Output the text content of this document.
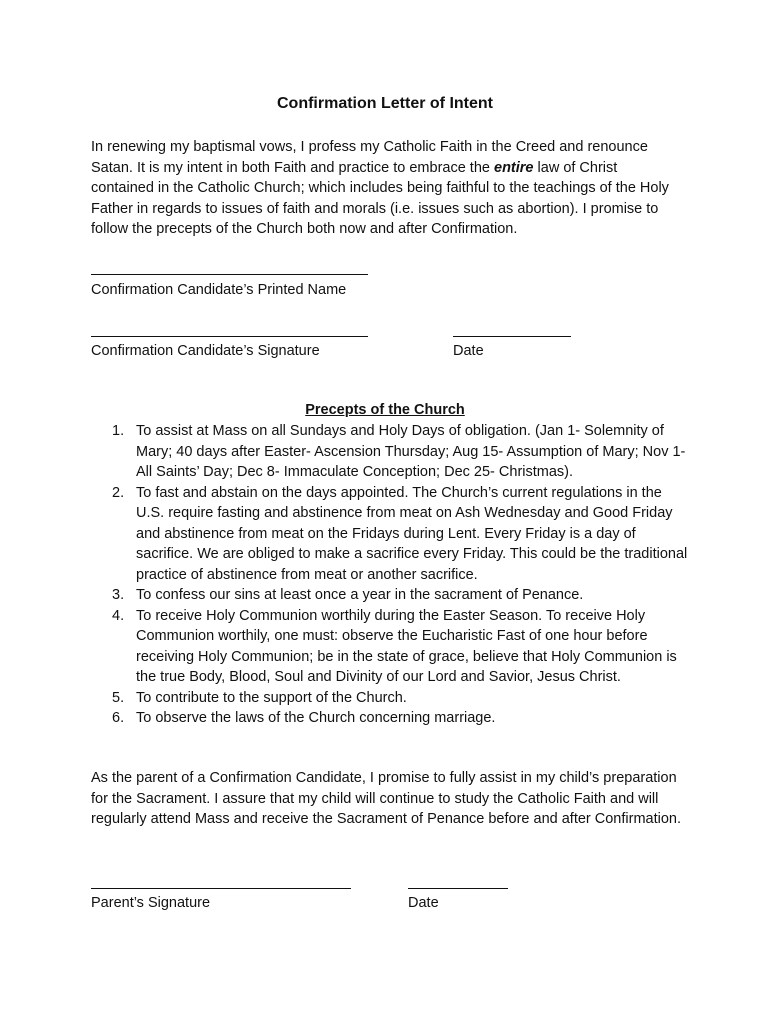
Confirmation Letter of Intent

In renewing my baptismal vows, I profess my Catholic Faith in the Creed and renounce Satan. It is my intent in both Faith and practice to embrace the entire law of Christ contained in the Catholic Church; which includes being faithful to the teachings of the Holy Father in regards to issues of faith and morals (i.e. issues such as abortion). I promise to follow the precepts of the Church both now and after Confirmation.

Confirmation Candidate’s Printed Name

Confirmation Candidate’s Signature	Date

Precepts of the Church

1. To assist at Mass on all Sundays and Holy Days of obligation. (Jan 1- Solemnity of Mary; 40 days after Easter- Ascension Thursday; Aug 15- Assumption of Mary; Nov 1- All Saints’ Day; Dec 8- Immaculate Conception; Dec 25- Christmas).
2. To fast and abstain on the days appointed. The Church’s current regulations in the U.S. require fasting and abstinence from meat on Ash Wednesday and Good Friday and abstinence from meat on the Fridays during Lent. Every Friday is a day of sacrifice. We are obliged to make a sacrifice every Friday. This could be the traditional practice of abstinence from meat or another sacrifice.
3. To confess our sins at least once a year in the sacrament of Penance.
4. To receive Holy Communion worthily during the Easter Season. To receive Holy Communion worthily, one must: observe the Eucharistic Fast of one hour before receiving Holy Communion; be in the state of grace, believe that Holy Communion is the true Body, Blood, Soul and Divinity of our Lord and Savior, Jesus Christ.
5. To contribute to the support of the Church.
6. To observe the laws of the Church concerning marriage.

As the parent of a Confirmation Candidate, I promise to fully assist in my child’s preparation for the Sacrament. I assure that my child will continue to study the Catholic Faith and will regularly attend Mass and receive the Sacrament of Penance before and after Confirmation.

Parent’s Signature	Date
